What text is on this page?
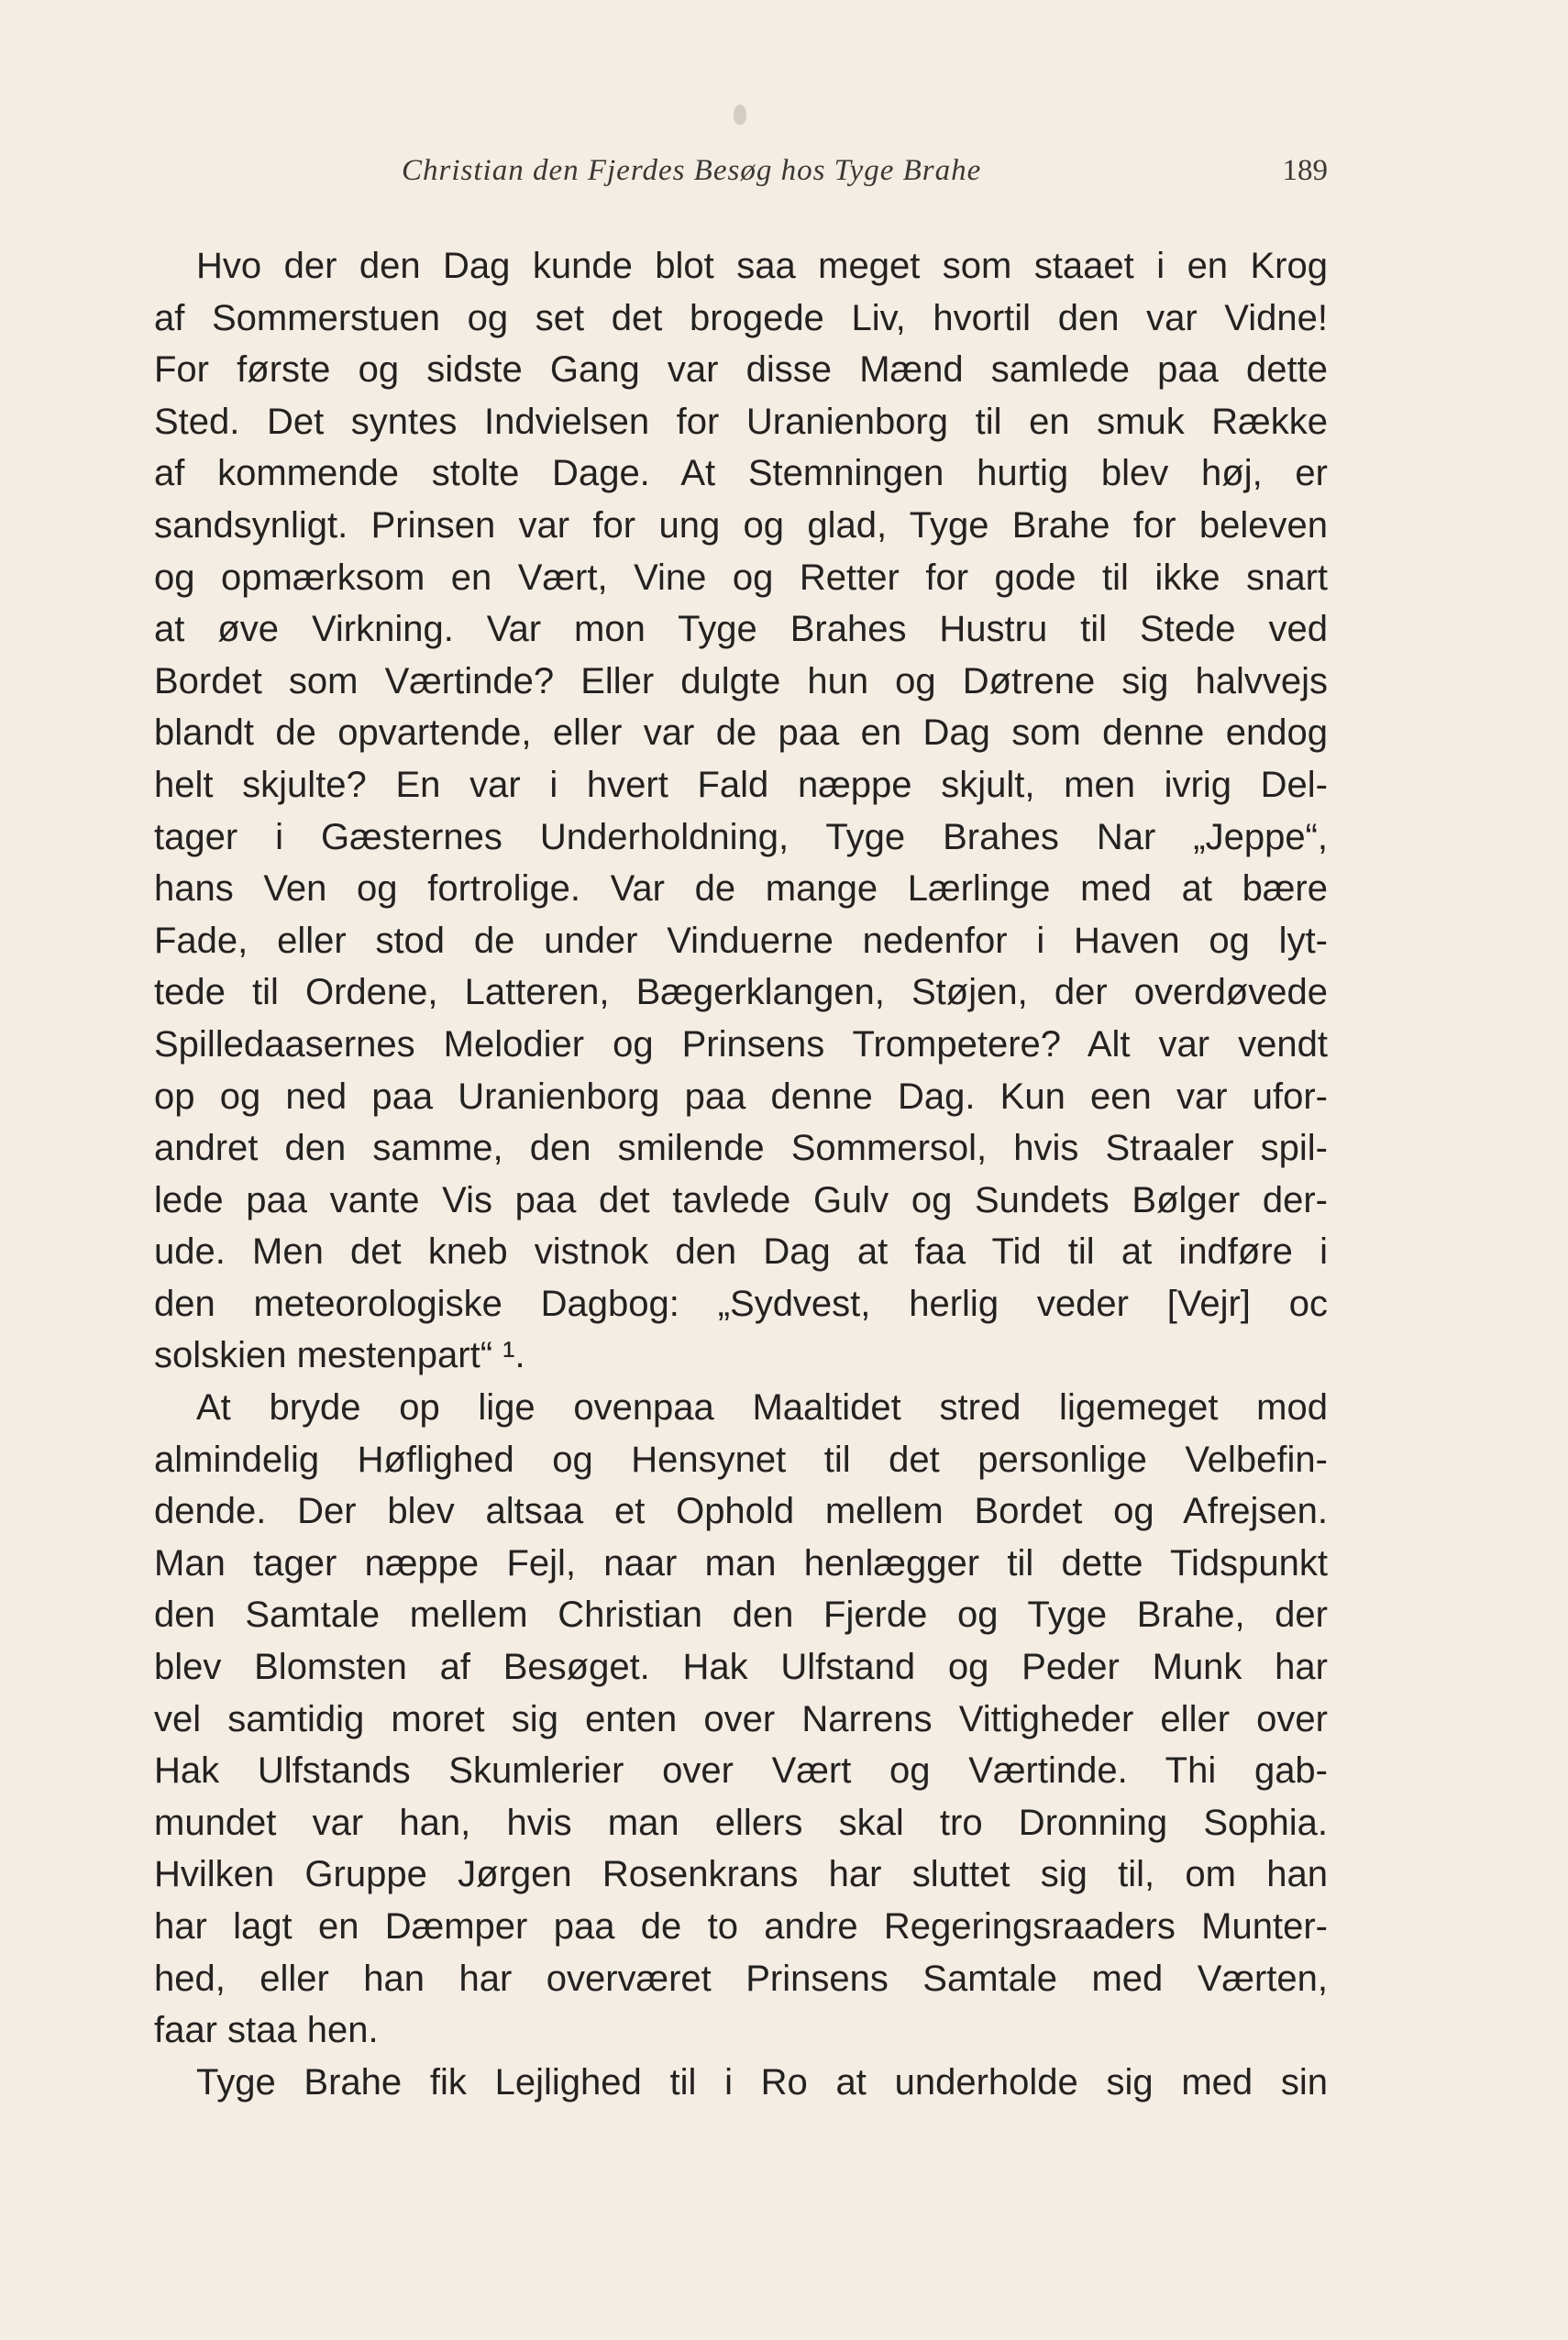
Christian den Fjerdes Besøg hos Tyge Brahe	189
Hvo der den Dag kunde blot saa meget som staaet i en Krog
af Sommerstuen og set det brogede Liv, hvortil den var Vidne!
For første og sidste Gang var disse Mænd samlede paa dette
Sted. Det syntes Indvielsen for Uranienborg til en smuk Række
af kommende stolte Dage. At Stemningen hurtig blev høj, er
sandsynligt. Prinsen var for ung og glad, Tyge Brahe for beleven
og opmærksom en Vært, Vine og Retter for gode til ikke snart
at øve Virkning. Var mon Tyge Brahes Hustru til Stede ved
Bordet som Værtinde? Eller dulgte hun og Døtrene sig halvvejs
blandt de opvartende, eller var de paa en Dag som denne endog
helt skjulte? En var i hvert Fald næppe skjult, men ivrig Del-
tager i Gæsternes Underholdning, Tyge Brahes Nar „Jeppe“,
hans Ven og fortrolige. Var de mange Lærlinge med at bære
Fade, eller stod de under Vinduerne nedenfor i Haven og lyt-
tede til Ordene, Latteren, Bægerklangen, Støjen, der overdøvede
Spilledaasernes Melodier og Prinsens Trompetere? Alt var vendt
op og ned paa Uranienborg paa denne Dag. Kun een var ufor-
andret den samme, den smilende Sommersol, hvis Straaler spil-
lede paa vante Vis paa det tavlede Gulv og Sundets Bølger der-
ude. Men det kneb vistnok den Dag at faa Tid til at indføre i
den meteorologiske Dagbog: „Sydvest, herlig veder [Vejr] oc
solskien mestenpart“ ¹.
At bryde op lige ovenpaa Maaltidet stred ligemeget mod
almindelig Høflighed og Hensynet til det personlige Velbefin-
dende. Der blev altsaa et Ophold mellem Bordet og Afrejsen.
Man tager næppe Fejl, naar man henlægger til dette Tidspunkt
den Samtale mellem Christian den Fjerde og Tyge Brahe, der
blev Blomsten af Besøget. Hak Ulfstand og Peder Munk har
vel samtidig moret sig enten over Narrens Vittigheder eller over
Hak Ulfstands Skumlerier over Vært og Værtinde. Thi gab-
mundet var han, hvis man ellers skal tro Dronning Sophia.
Hvilken Gruppe Jørgen Rosenkrans har sluttet sig til, om han
har lagt en Dæmper paa de to andre Regeringsraaders Munter-
hed, eller han har overværet Prinsens Samtale med Værten,
faar staa hen.
Tyge Brahe fik Lejlighed til i Ro at underholde sig med sin
